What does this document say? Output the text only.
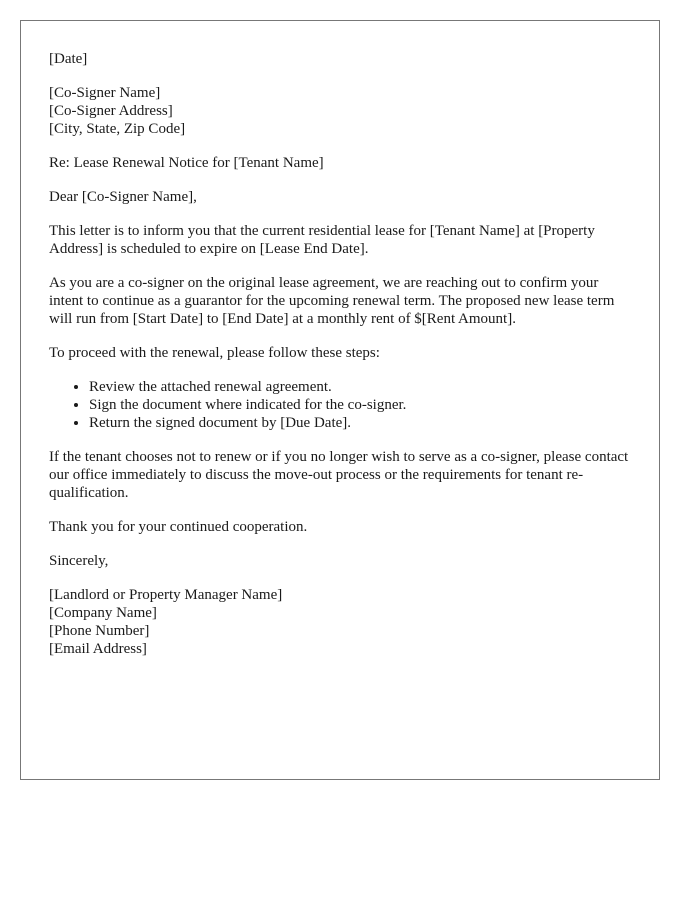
[Date]

[Co-Signer Name]
[Co-Signer Address]
[City, State, Zip Code]

Re: Lease Renewal Notice for [Tenant Name]

Dear [Co-Signer Name],

This letter is to inform you that the current residential lease for [Tenant Name] at [Property Address] is scheduled to expire on [Lease End Date].

As you are a co-signer on the original lease agreement, we are reaching out to confirm your intent to continue as a guarantor for the upcoming renewal term. The proposed new lease term will run from [Start Date] to [End Date] at a monthly rent of $[Rent Amount].

To proceed with the renewal, please follow these steps:

• Review the attached renewal agreement.
• Sign the document where indicated for the co-signer.
• Return the signed document by [Due Date].

If the tenant chooses not to renew or if you no longer wish to serve as a co-signer, please contact our office immediately to discuss the move-out process or the requirements for tenant re-qualification.

Thank you for your continued cooperation.

Sincerely,

[Landlord or Property Manager Name]
[Company Name]
[Phone Number]
[Email Address]
